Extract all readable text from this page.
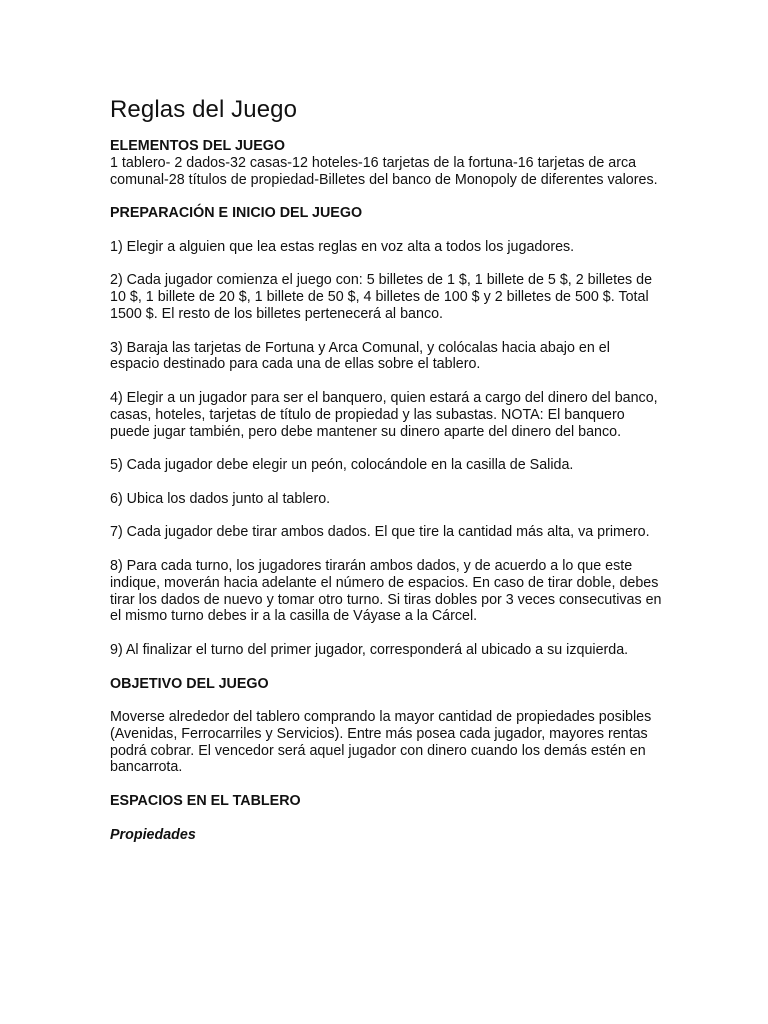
Reglas del Juego

ELEMENTOS DEL JUEGO

1 tablero- 2 dados-32 casas-12 hoteles-16 tarjetas de la fortuna-16 tarjetas de arca comunal-28 títulos de propiedad-Billetes del banco de Monopoly de diferentes valores.

PREPARACIÓN E INICIO DEL JUEGO

1) Elegir a alguien que lea estas reglas en voz alta a todos los jugadores.

2) Cada jugador comienza el juego con: 5 billetes de 1 $, 1 billete de 5 $, 2 billetes de 10 $, 1 billete de 20 $, 1 billete de 50 $, 4 billetes de 100 $ y 2 billetes de 500 $. Total 1500 $. El resto de los billetes pertenecerá al banco.

3) Baraja las tarjetas de Fortuna y Arca Comunal, y colócalas hacia abajo en el espacio destinado para cada una de ellas sobre el tablero.

4) Elegir a un jugador para ser el banquero, quien estará a cargo del dinero del banco, casas, hoteles, tarjetas de título de propiedad y las subastas. NOTA: El banquero puede jugar también, pero debe mantener su dinero aparte del dinero del banco.

5) Cada jugador debe elegir un peón, colocándole en la casilla de Salida.

6) Ubica los dados junto al tablero.

7) Cada jugador debe tirar ambos dados. El que tire la cantidad más alta, va primero.

8) Para cada turno, los jugadores tirarán ambos dados, y de acuerdo a lo que este indique, moverán hacia adelante el número de espacios. En caso de tirar doble, debes tirar los dados de nuevo y tomar otro turno. Si tiras dobles por 3 veces consecutivas en el mismo turno debes ir a la casilla de Váyase a la Cárcel.

9) Al finalizar el turno del primer jugador, corresponderá al ubicado a su izquierda.

OBJETIVO DEL JUEGO

Moverse alrededor del tablero comprando la mayor cantidad de propiedades posibles (Avenidas, Ferrocarriles y Servicios). Entre más posea cada jugador, mayores rentas podrá cobrar. El vencedor será aquel jugador con dinero cuando los demás estén en bancarrota.

ESPACIOS EN EL TABLERO

Propiedades
